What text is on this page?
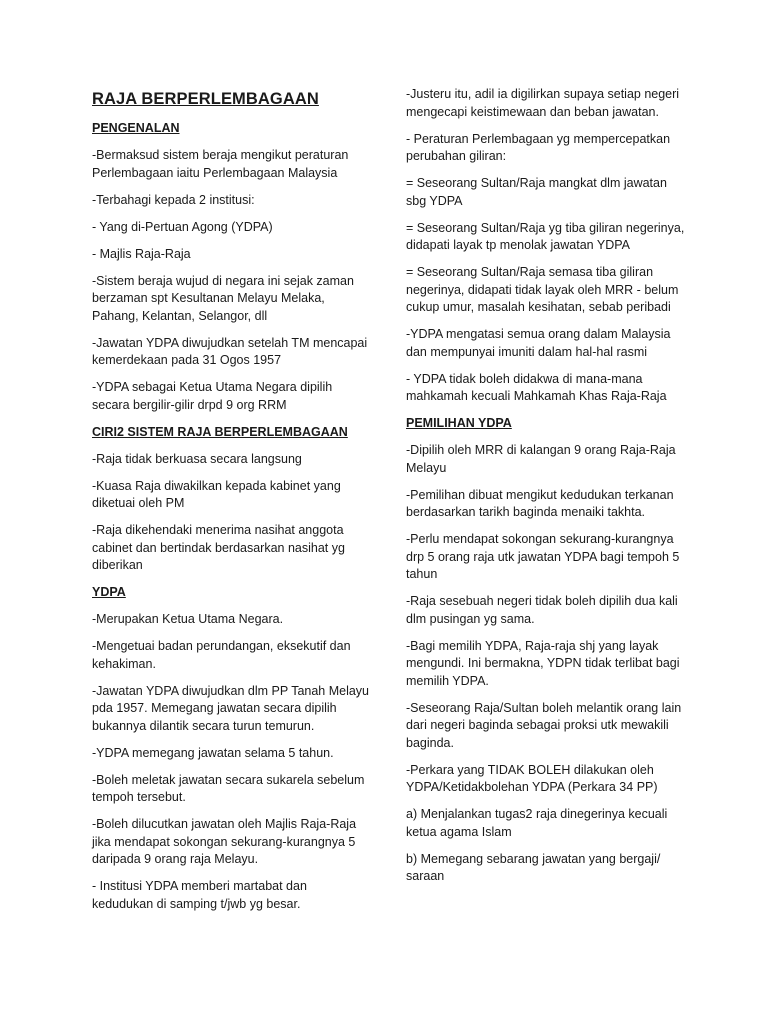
RAJA BERPERLEMBAGAAN
PENGENALAN
-Bermaksud sistem beraja mengikut peraturan Perlembagaan iaitu Perlembagaan Malaysia
-Terbahagi kepada 2 institusi:
- Yang di-Pertuan Agong (YDPA)
- Majlis Raja-Raja
-Sistem beraja wujud di negara ini sejak zaman berzaman spt Kesultanan Melayu Melaka, Pahang, Kelantan, Selangor, dll
-Jawatan YDPA diwujudkan setelah TM mencapai kemerdekaan pada 31 Ogos 1957
-YDPA sebagai Ketua Utama Negara dipilih secara bergilir-gilir drpd 9 org RRM
CIRI2 SISTEM RAJA BERPERLEMBAGAAN
-Raja tidak berkuasa secara langsung
-Kuasa Raja diwakilkan kepada kabinet yang diketuai oleh PM
-Raja dikehendaki menerima nasihat anggota cabinet dan bertindak berdasarkan nasihat yg diberikan
YDPA
-Merupakan Ketua Utama Negara.
-Mengetuai badan perundangan, eksekutif dan kehakiman.
-Jawatan YDPA diwujudkan dlm PP Tanah Melayu pda 1957. Memegang jawatan secara dipilih bukannya dilantik secara turun temurun.
-YDPA memegang jawatan selama 5 tahun.
-Boleh meletak jawatan secara sukarela sebelum tempoh tersebut.
-Boleh dilucutkan jawatan oleh Majlis Raja-Raja jika mendapat sokongan sekurang-kurangnya 5 daripada 9 orang raja Melayu.
- Institusi YDPA memberi martabat dan kedudukan di samping t/jwb yg besar.
-Justeru itu, adil ia digilirkan supaya setiap negeri mengecapi keistimewaan dan beban jawatan.
- Peraturan Perlembagaan yg mempercepatkan perubahan giliran:
= Seseorang Sultan/Raja mangkat dlm jawatan sbg YDPA
= Seseorang Sultan/Raja yg tiba giliran negerinya, didapati layak tp menolak jawatan YDPA
= Seseorang Sultan/Raja semasa tiba giliran negerinya, didapati tidak layak oleh MRR - belum cukup umur, masalah kesihatan, sebab peribadi
-YDPA mengatasi semua orang dalam Malaysia dan mempunyai imuniti dalam hal-hal rasmi
- YDPA tidak boleh didakwa di mana-mana mahkamah kecuali Mahkamah Khas Raja-Raja
PEMILIHAN YDPA
-Dipilih oleh MRR di kalangan 9 orang Raja-Raja Melayu
-Pemilihan dibuat mengikut kedudukan terkanan berdasarkan tarikh baginda menaiki takhta.
-Perlu mendapat sokongan sekurang-kurangnya drp 5 orang raja utk jawatan YDPA bagi tempoh 5 tahun
-Raja sesebuah negeri tidak boleh dipilih dua kali dlm pusingan yg sama.
-Bagi memilih YDPA, Raja-raja shj yang layak mengundi. Ini bermakna, YDPN tidak terlibat bagi memilih YDPA.
-Seseorang Raja/Sultan boleh melantik orang lain dari negeri baginda sebagai proksi utk mewakili baginda.
-Perkara yang TIDAK BOLEH dilakukan oleh YDPA/Ketidakbolehan YDPA (Perkara 34 PP)
a) Menjalankan tugas2 raja dinegerinya kecuali ketua agama Islam
b) Memegang sebarang jawatan yang bergaji/ saraan
